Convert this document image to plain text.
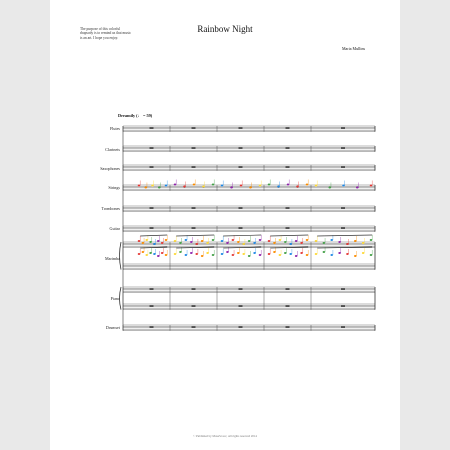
The purpose of this colorful rhapsody is to remind us that music is an art. I hope you enjoy.
Rainbow Night
Maria Mullins
Dreamily (♩ = 59)
Flutes
Clarinets
Saxophones
Strings
Trombones
Guitar
Marimba
Piano
Drumset
© Published by MuseScore | All rights reserved 2014
